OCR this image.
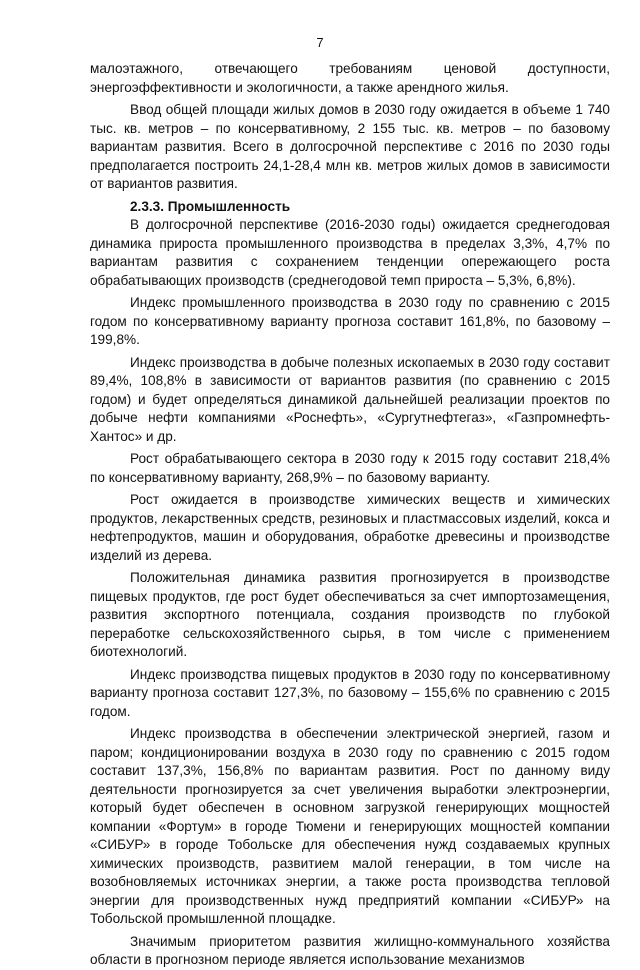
7

малоэтажного, отвечающего требованиям ценовой доступности, энергоэффективности и экологичности, а также арендного жилья.

Ввод общей площади жилых домов в 2030 году ожидается в объеме 1 740 тыс. кв. метров – по консервативному, 2 155 тыс. кв. метров – по базовому вариантам развития. Всего в долгосрочной перспективе с 2016 по 2030 годы предполагается построить 24,1-28,4 млн кв. метров жилых домов в зависимости от вариантов развития.

2.3.3. Промышленность

В долгосрочной перспективе (2016-2030 годы) ожидается среднегодовая динамика прироста промышленного производства в пределах 3,3%, 4,7% по вариантам развития с сохранением тенденции опережающего роста обрабатывающих производств (среднегодовой темп прироста – 5,3%, 6,8%).

Индекс промышленного производства в 2030 году по сравнению с 2015 годом по консервативному варианту прогноза составит 161,8%, по базовому – 199,8%.

Индекс производства в добыче полезных ископаемых в 2030 году составит 89,4%, 108,8% в зависимости от вариантов развития (по сравнению с 2015 годом) и будет определяться динамикой дальнейшей реализации проектов по добыче нефти компаниями «Роснефть», «Сургутнефтегаз», «Газпромнефть-Хантос» и др.

Рост обрабатывающего сектора в 2030 году к 2015 году составит 218,4% по консервативному варианту, 268,9% – по базовому варианту.

Рост ожидается в производстве химических веществ и химических продуктов, лекарственных средств, резиновых и пластмассовых изделий, кокса и нефтепродуктов, машин и оборудования, обработке древесины и производстве изделий из дерева.

Положительная динамика развития прогнозируется в производстве пищевых продуктов, где рост будет обеспечиваться за счет импортозамещения, развития экспортного потенциала, создания производств по глубокой переработке сельскохозяйственного сырья, в том числе с применением биотехнологий.

Индекс производства пищевых продуктов в 2030 году по консервативному варианту прогноза составит 127,3%, по базовому – 155,6% по сравнению с 2015 годом.

Индекс производства в обеспечении электрической энергией, газом и паром; кондиционировании воздуха в 2030 году по сравнению с 2015 годом составит 137,3%, 156,8% по вариантам развития. Рост по данному виду деятельности прогнозируется за счет увеличения выработки электроэнергии, который будет обеспечен в основном загрузкой генерирующих мощностей компании «Фортум» в городе Тюмени и генерирующих мощностей компании «СИБУР» в городе Тобольске для обеспечения нужд создаваемых крупных химических производств, развитием малой генерации, в том числе на возобновляемых источниках энергии, а также роста производства тепловой энергии для производственных нужд предприятий компании «СИБУР» на Тобольской промышленной площадке.

Значимым приоритетом развития жилищно-коммунального хозяйства области в прогнозном периоде является использование механизмов
